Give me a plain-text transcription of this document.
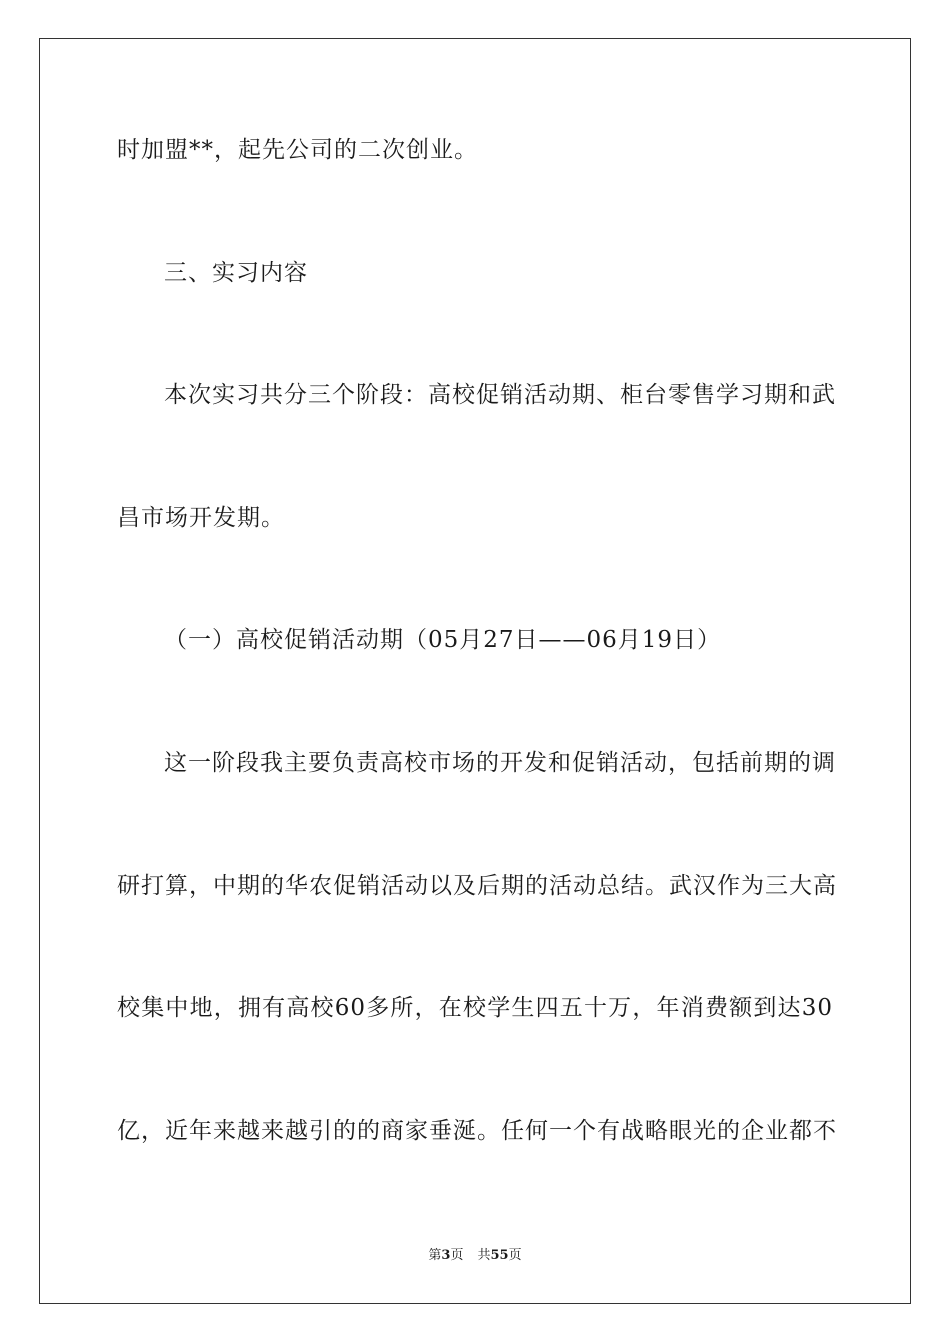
时加盟**，起先公司的二次创业。
三、实习内容
本次实习共分三个阶段：高校促销活动期、柜台零售学习期和武
昌市场开发期。
（一）高校促销活动期（05月27日——06月19日）
这一阶段我主要负责高校市场的开发和促销活动，包括前期的调
研打算，中期的华农促销活动以及后期的活动总结。武汉作为三大高
校集中地，拥有高校60多所，在校学生四五十万，年消费额到达30
亿，近年来越来越引的的商家垂涎。任何一个有战略眼光的企业都不
第3页 共55页
